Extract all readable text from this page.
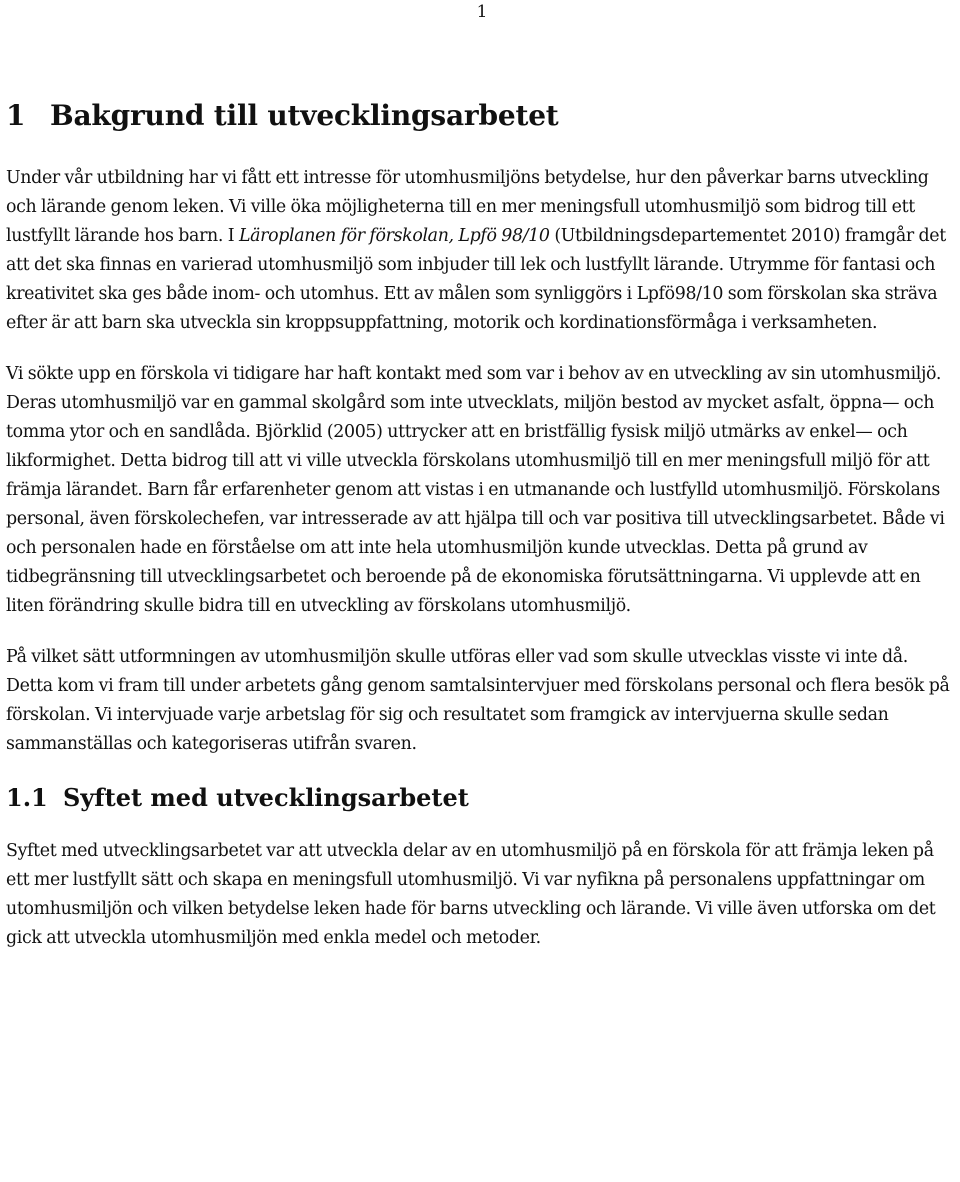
1
1 Bakgrund till utvecklingsarbetet

Under vår utbildning har vi fått ett intresse för utomhusmiljöns betydelse, hur den påverkar barns utveckling och lärande genom leken. Vi ville öka möjligheterna till en mer meningsfull utomhusmiljö som bidrog till ett lustfyllt lärande hos barn. I Läroplanen för förskolan, Lpfö 98/10 (Utbildningsdepartementet 2010) framgår det att det ska finnas en varierad utomhusmiljö som inbjuder till lek och lustfyllt lärande. Utrymme för fantasi och kreativitet ska ges både inom- och utomhus. Ett av målen som synliggörs i Lpfö98/10 som förskolan ska sträva efter är att barn ska utveckla sin kroppsuppfattning, motorik och kordinationsförmåga i verksamheten.

Vi sökte upp en förskola vi tidigare har haft kontakt med som var i behov av en utveckling av sin utomhusmiljö. Deras utomhusmiljö var en gammal skolgård som inte utvecklats, miljön bestod av mycket asfalt, öppna— och tomma ytor och en sandlåda. Björklid (2005) uttrycker att en bristfällig fysisk miljö utmärks av enkel— och likformighet. Detta bidrog till att vi ville utveckla förskolans utomhusmiljö till en mer meningsfull miljö för att främja lärandet. Barn får erfarenheter genom att vistas i en utmanande och lustfylld utomhusmiljö. Förskolans personal, även förskolechefen, var intresserade av att hjälpa till och var positiva till utvecklingsarbetet. Både vi och personalen hade en förståelse om att inte hela utomhusmiljön kunde utvecklas. Detta på grund av tidbegränsning till utvecklingsarbetet och beroende på de ekonomiska förutsättningarna. Vi upplevde att en liten förändring skulle bidra till en utveckling av förskolans utomhusmiljö.

På vilket sätt utformningen av utomhusmiljön skulle utföras eller vad som skulle utvecklas visste vi inte då. Detta kom vi fram till under arbetets gång genom samtalsintervjuer med förskolans personal och flera besök på förskolan. Vi intervjuade varje arbetslag för sig och resultatet som framgick av intervjuerna skulle sedan sammanställas och kategoriseras utifrån svaren.

1.1 Syftet med utvecklingsarbetet

Syftet med utvecklingsarbetet var att utveckla delar av en utomhusmiljö på en förskola för att främja leken på ett mer lustfyllt sätt och skapa en meningsfull utomhusmiljö. Vi var nyfikna på personalens uppfattningar om utomhusmiljön och vilken betydelse leken hade för barns utveckling och lärande. Vi ville även utforska om det gick att utveckla utomhusmiljön med enkla medel och metoder.
